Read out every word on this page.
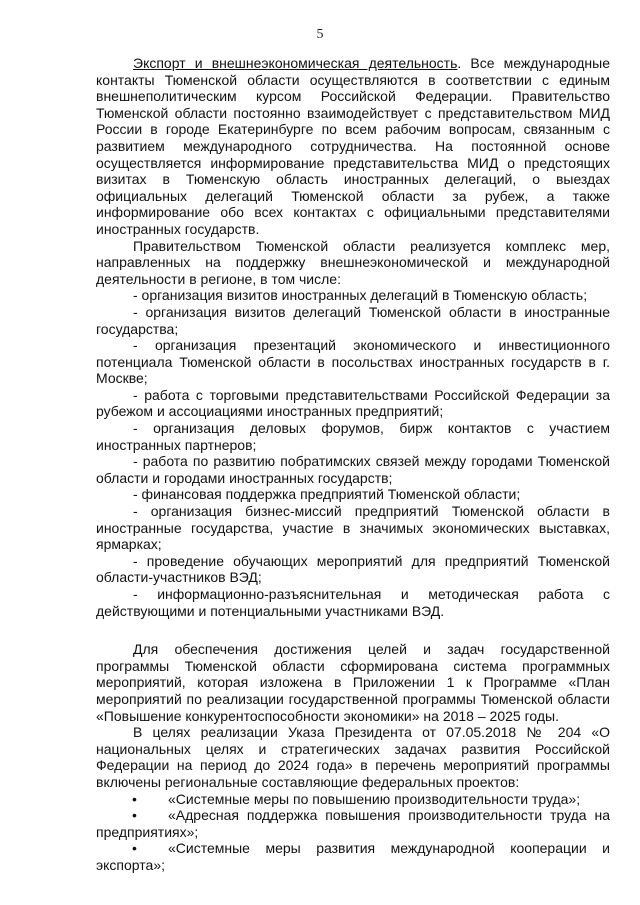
5

Экспорт и внешнеэкономическая деятельность. Все международные контакты Тюменской области осуществляются в соответствии с единым внешнеполитическим курсом Российской Федерации. Правительство Тюменской области постоянно взаимодействует с представительством МИД России в городе Екатеринбурге по всем рабочим вопросам, связанным с развитием международного сотрудничества. На постоянной основе осуществляется информирование представительства МИД о предстоящих визитах в Тюменскую область иностранных делегаций, о выездах официальных делегаций Тюменской области за рубеж, а также информирование обо всех контактах с официальными представителями иностранных государств.

Правительством Тюменской области реализуется комплекс мер, направленных на поддержку внешнеэкономической и международной деятельности в регионе, в том числе:

- организация визитов иностранных делегаций в Тюменскую область;

- организация визитов делегаций Тюменской области в иностранные государства;

- организация презентаций экономического и инвестиционного потенциала Тюменской области в посольствах иностранных государств в г. Москве;

- работа с торговыми представительствами Российской Федерации за рубежом и ассоциациями иностранных предприятий;

- организация деловых форумов, бирж контактов с участием иностранных партнеров;

- работа по развитию побратимских связей между городами Тюменской области и городами иностранных государств;

- финансовая поддержка предприятий Тюменской области;

- организация бизнес-миссий предприятий Тюменской области в иностранные государства, участие в значимых экономических выставках, ярмарках;

- проведение обучающих мероприятий для предприятий Тюменской области-участников ВЭД;

- информационно-разъяснительная и методическая работа с действующими и потенциальными участниками ВЭД.

Для обеспечения достижения целей и задач государственной программы Тюменской области сформирована система программных мероприятий, которая изложена в Приложении 1 к Программе «План мероприятий по реализации государственной программы Тюменской области «Повышение конкурентоспособности экономики» на 2018 – 2025 годы.

В целях реализации Указа Президента от 07.05.2018 № 204 «О национальных целях и стратегических задачах развития Российской Федерации на период до 2024 года» в перечень мероприятий программы включены региональные составляющие федеральных проектов:

• «Системные меры по повышению производительности труда»;

• «Адресная поддержка повышения производительности труда на предприятиях»;

• «Системные меры развития международной кооперации и экспорта»;
